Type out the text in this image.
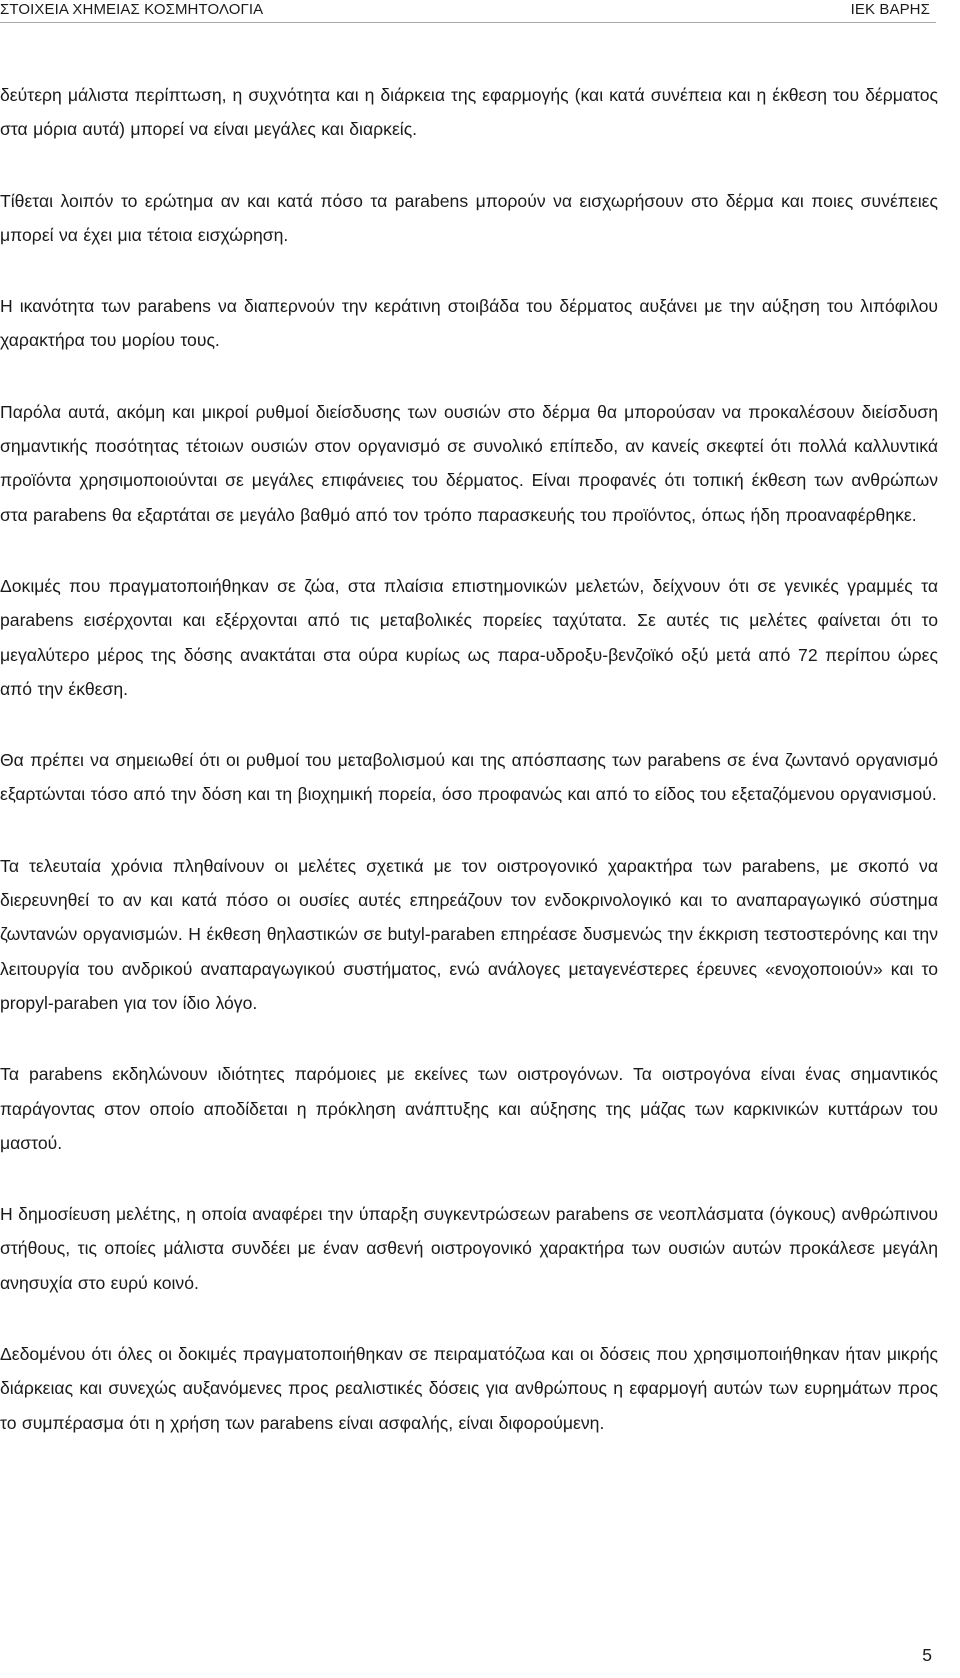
ΣΤΟΙΧΕΙΑ ΧΗΜΕΙΑΣ ΚΟΣΜΗΤΟΛΟΓΙΑ	ΙΕΚ ΒΑΡΗΣ

δεύτερη μάλιστα περίπτωση, η συχνότητα και η διάρκεια της εφαρμογής (και κατά συνέπεια και η έκθεση του δέρματος στα μόρια αυτά) μπορεί να είναι μεγάλες και διαρκείς.

Τίθεται λοιπόν το ερώτημα αν και κατά πόσο τα parabens μπορούν να εισχωρήσουν στο δέρμα και ποιες συνέπειες μπορεί να έχει μια τέτοια εισχώρηση.

Η ικανότητα των parabens να διαπερνούν την κεράτινη στοιβάδα του δέρματος αυξάνει με την αύξηση του λιπόφιλου χαρακτήρα του μορίου τους.

Παρόλα αυτά, ακόμη και μικροί ρυθμοί διείσδυσης των ουσιών στο δέρμα θα μπορούσαν να προκαλέσουν διείσδυση σημαντικής ποσότητας τέτοιων ουσιών στον οργανισμό σε συνολικό επίπεδο, αν κανείς σκεφτεί ότι πολλά καλλυντικά προϊόντα χρησιμοποιούνται σε μεγάλες επιφάνειες του δέρματος. Είναι προφανές ότι τοπική έκθεση των ανθρώπων στα parabens θα εξαρτάται σε μεγάλο βαθμό από τον τρόπο παρασκευής του προϊόντος, όπως ήδη προαναφέρθηκε.

Δοκιμές που πραγματοποιήθηκαν σε ζώα, στα πλαίσια επιστημονικών μελετών, δείχνουν ότι σε γενικές γραμμές τα parabens εισέρχονται και εξέρχονται από τις μεταβολικές πορείες ταχύτατα. Σε αυτές τις μελέτες φαίνεται ότι το μεγαλύτερο μέρος της δόσης ανακτάται στα ούρα κυρίως ως παρα-υδροξυ-βενζοϊκό οξύ μετά από 72 περίπου ώρες από την έκθεση.

Θα πρέπει να σημειωθεί ότι οι ρυθμοί του μεταβολισμού και της απόσπασης των parabens σε ένα ζωντανό οργανισμό εξαρτώνται τόσο από την δόση και τη βιοχημική πορεία, όσο προφανώς και από το είδος του εξεταζόμενου οργανισμού.

Τα τελευταία χρόνια πληθαίνουν οι μελέτες σχετικά με τον οιστρογονικό χαρακτήρα των parabens, με σκοπό να διερευνηθεί το αν και κατά πόσο οι ουσίες αυτές επηρεάζουν τον ενδοκρινολογικό και το αναπαραγωγικό σύστημα ζωντανών οργανισμών. Η έκθεση θηλαστικών σε butyl-paraben επηρέασε δυσμενώς την έκκριση τεστοστερόνης και την λειτουργία του ανδρικού αναπαραγωγικού συστήματος, ενώ ανάλογες μεταγενέστερες έρευνες «ενοχοποιούν» και το propyl-paraben για τον ίδιο λόγο.

Τα parabens εκδηλώνουν ιδιότητες παρόμοιες με εκείνες των οιστρογόνων. Τα οιστρογόνα είναι ένας σημαντικός παράγοντας στον οποίο αποδίδεται η πρόκληση ανάπτυξης και αύξησης της μάζας των καρκινικών κυττάρων του μαστού.

Η δημοσίευση μελέτης, η οποία αναφέρει την ύπαρξη συγκεντρώσεων parabens σε νεοπλάσματα (όγκους) ανθρώπινου στήθους, τις οποίες μάλιστα συνδέει με έναν ασθενή οιστρογονικό χαρακτήρα των ουσιών αυτών προκάλεσε μεγάλη ανησυχία στο ευρύ κοινό.

Δεδομένου ότι όλες οι δοκιμές πραγματοποιήθηκαν σε πειραματόζωα και οι δόσεις που χρησιμοποιήθηκαν ήταν μικρής διάρκειας και συνεχώς αυξανόμενες προς ρεαλιστικές δόσεις για ανθρώπους η εφαρμογή αυτών των ευρημάτων προς το συμπέρασμα ότι η χρήση των parabens είναι ασφαλής, είναι διφορούμενη.

5
